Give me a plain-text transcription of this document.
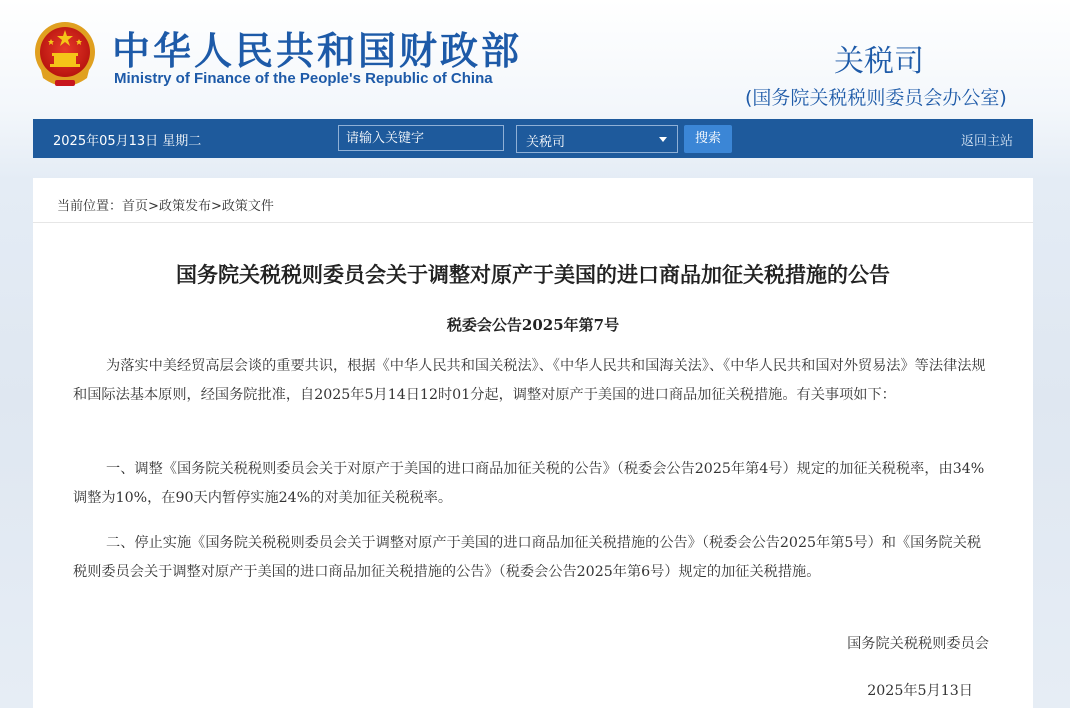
中华人民共和国财政部
Ministry of Finance of the People's Republic of China	关税司
(国务院关税税则委员会办公室)
2025年05月13日 星期二
请输入关键字	关税司	搜索	返回主站
当前位置：首页>政策发布>政策文件
国务院关税税则委员会关于调整对原产于美国的进口商品加征关税措施的公告
税委会公告2025年第7号
为落实中美经贸高层会谈的重要共识，根据《中华人民共和国关税法》、《中华人民共和国海关法》、《中华人民共和国对外贸易法》等法律法规和国际法基本原则，经国务院批准，自2025年5月14日12时01分起，调整对原产于美国的进口商品加征关税措施。有关事项如下：
一、调整《国务院关税税则委员会关于对原产于美国的进口商品加征关税的公告》（税委会公告2025年第4号）规定的加征关税税率，由34%调整为10%，在90天内暂停实施24%的对美加征关税税率。
二、停止实施《国务院关税税则委员会关于调整对原产于美国的进口商品加征关税措施的公告》（税委会公告2025年第5号）和《国务院关税税则委员会关于调整对原产于美国的进口商品加征关税措施的公告》（税委会公告2025年第6号）规定的加征关税措施。
国务院关税税则委员会
2025年5月13日
